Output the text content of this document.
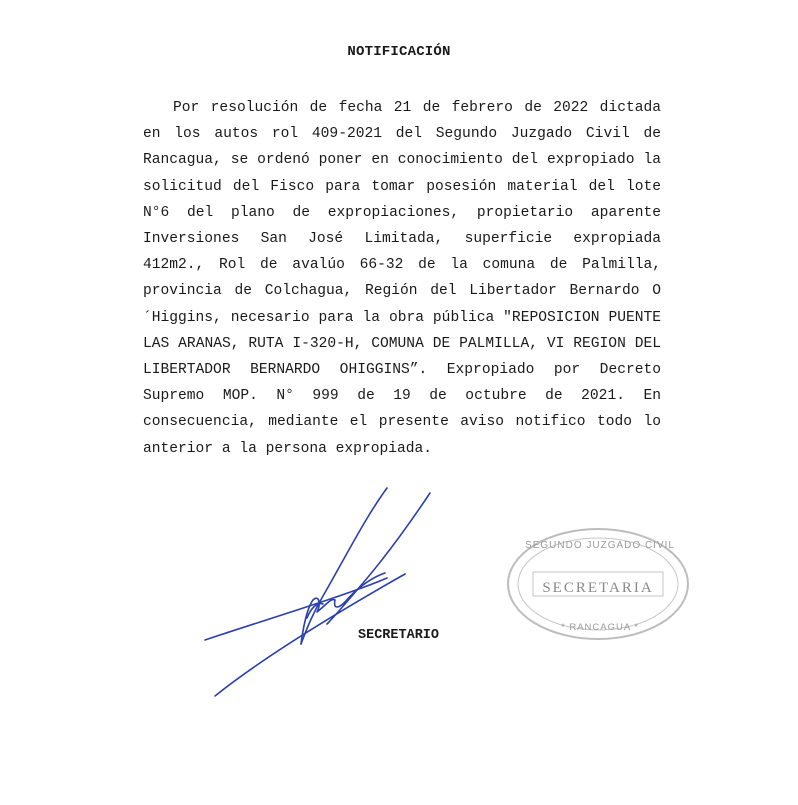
NOTIFICACIÓN

Por resolución de fecha 21 de febrero de 2022 dictada en los autos rol 409-2021 del Segundo Juzgado Civil de Rancagua, se ordenó poner en conocimiento del expropiado la solicitud del Fisco para tomar posesión material del lote N°6 del plano de expropiaciones, propietario aparente Inversiones San José Limitada, superficie expropiada 412m2., Rol de avalúo 66-32 de la comuna de Palmilla, provincia de Colchagua, Región del Libertador Bernardo O´Higgins, necesario para la obra pública "REPOSICION PUENTE LAS ARANAS, RUTA I-320-H, COMUNA DE PALMILLA, VI REGION DEL LIBERTADOR BERNARDO OHIGGINS”. Expropiado por Decreto Supremo MOP. N° 999 de 19 de octubre de 2021. En consecuencia, mediante el presente aviso notifico todo lo anterior a la persona expropiada.

SECRETARIO
SEGUNDO JUZGADO CIVIL
SECRETARIA
* RANCAGUA *
